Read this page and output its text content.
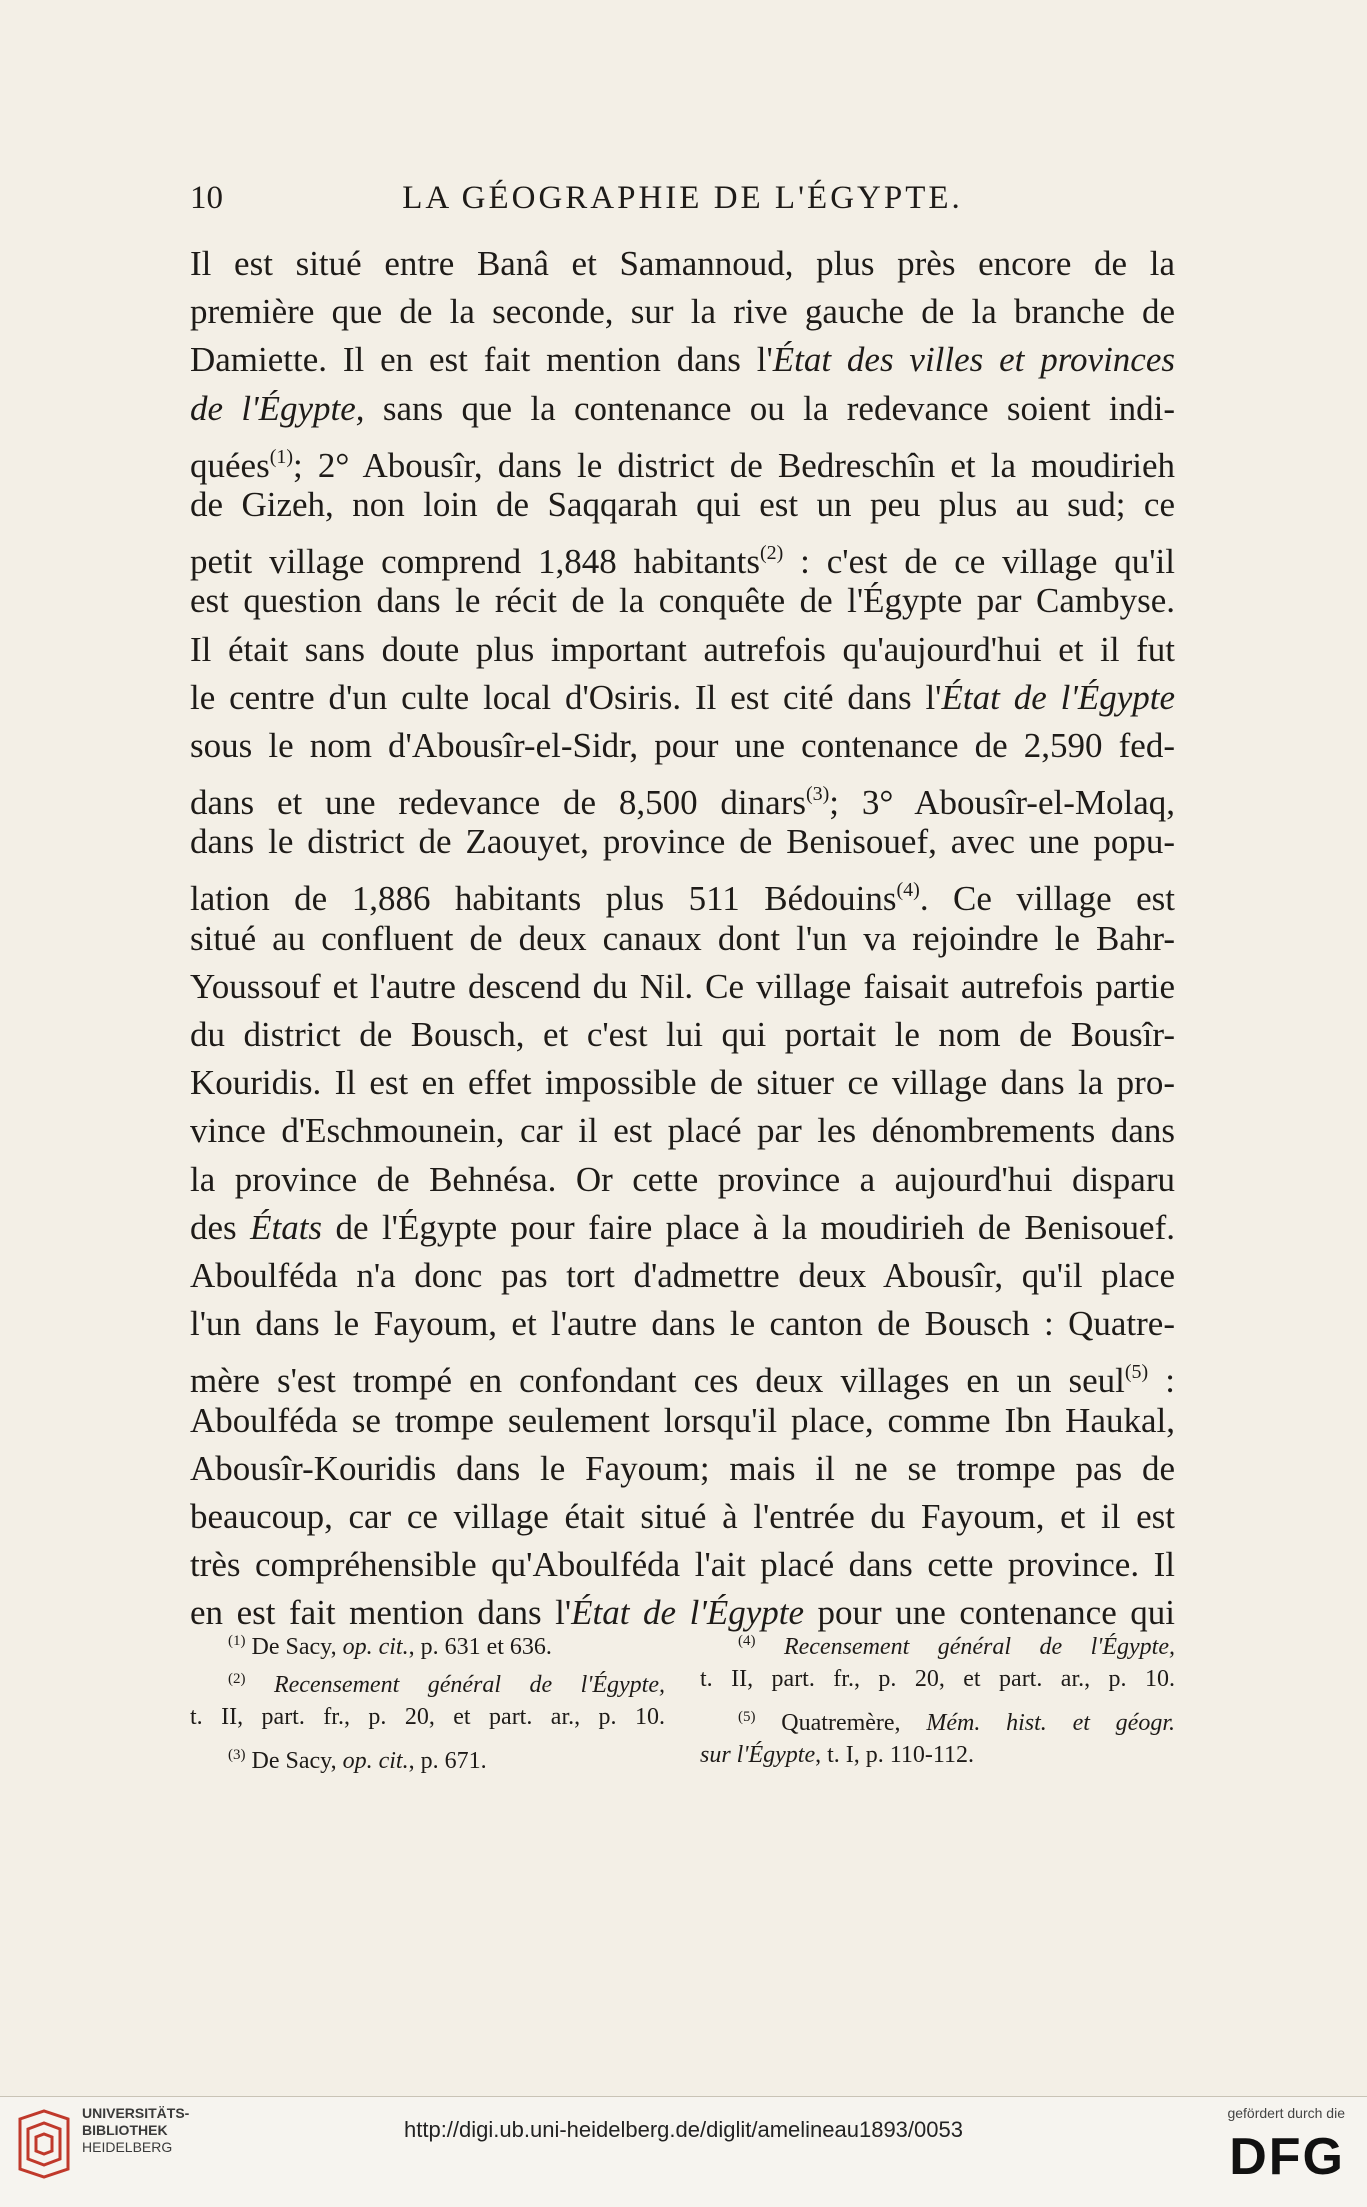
10	LA GÉOGRAPHIE DE L'ÉGYPTE.
Il est situé entre Banâ et Samannoud, plus près encore de la
première que de la seconde, sur la rive gauche de la branche de
Damiette. Il en est fait mention dans l'État des villes et provinces
de l'Égypte, sans que la contenance ou la redevance soient indi-
quées$^{(1)}$; 2° Abousîr, dans le district de Bedreschîn et la moudirieh
de Gizeh, non loin de Saqqarah qui est un peu plus au sud; ce
petit village comprend 1,848 habitants$^{(2)}$ : c'est de ce village qu'il
est question dans le récit de la conquête de l'Égypte par Cambyse.
Il était sans doute plus important autrefois qu'aujourd'hui et il fut
le centre d'un culte local d'Osiris. Il est cité dans l'État de l'Égypte
sous le nom d'Abousîr-el-Sidr, pour une contenance de 2,590 fed-
dans et une redevance de 8,500 dinars$^{(3)}$; 3° Abousîr-el-Molaq,
dans le district de Zaouyet, province de Benisouef, avec une popu-
lation de 1,886 habitants plus 511 Bédouins$^{(4)}$. Ce village est
situé au confluent de deux canaux dont l'un va rejoindre le Bahr-
Youssouf et l'autre descend du Nil. Ce village faisait autrefois partie
du district de Bousch, et c'est lui qui portait le nom de Bousîr-
Kouridis. Il est en effet impossible de situer ce village dans la pro-
vince d'Eschmounein, car il est placé par les dénombrements dans
la province de Behnésa. Or cette province a aujourd'hui disparu
des États de l'Égypte pour faire place à la moudirieh de Benisouef.
Aboulféda n'a donc pas tort d'admettre deux Abousîr, qu'il place
l'un dans le Fayoum, et l'autre dans le canton de Bousch : Quatre-
mère s'est trompé en confondant ces deux villages en un seul$^{(5)}$ :
Aboulféda se trompe seulement lorsqu'il place, comme Ibn Haukal,
Abousîr-Kouridis dans le Fayoum; mais il ne se trompe pas de
beaucoup, car ce village était situé à l'entrée du Fayoum, et il est
très compréhensible qu'Aboulféda l'ait placé dans cette province. Il
en est fait mention dans l'État de l'Égypte pour une contenance qui
$^{(1)}$ De Sacy, op. cit., p. 631 et 636.
$^{(2)}$ Recensement général de l'Égypte,
t. II, part. fr., p. 20, et part. ar., p. 10.
$^{(3)}$ De Sacy, op. cit., p. 671.
$^{(4)}$ Recensement général de l'Égypte,
t. II, part. fr., p. 20, et part. ar., p. 10.
$^{(5)}$ Quatremère, Mém. hist. et géogr.
sur l'Égypte, t. I, p. 110-112.
UNIVERSITÄTS-
BIBLIOTHEK
HEIDELBERG
http://digi.ub.uni-heidelberg.de/diglit/amelineau1893/0053
gefördert durch die
DFG
